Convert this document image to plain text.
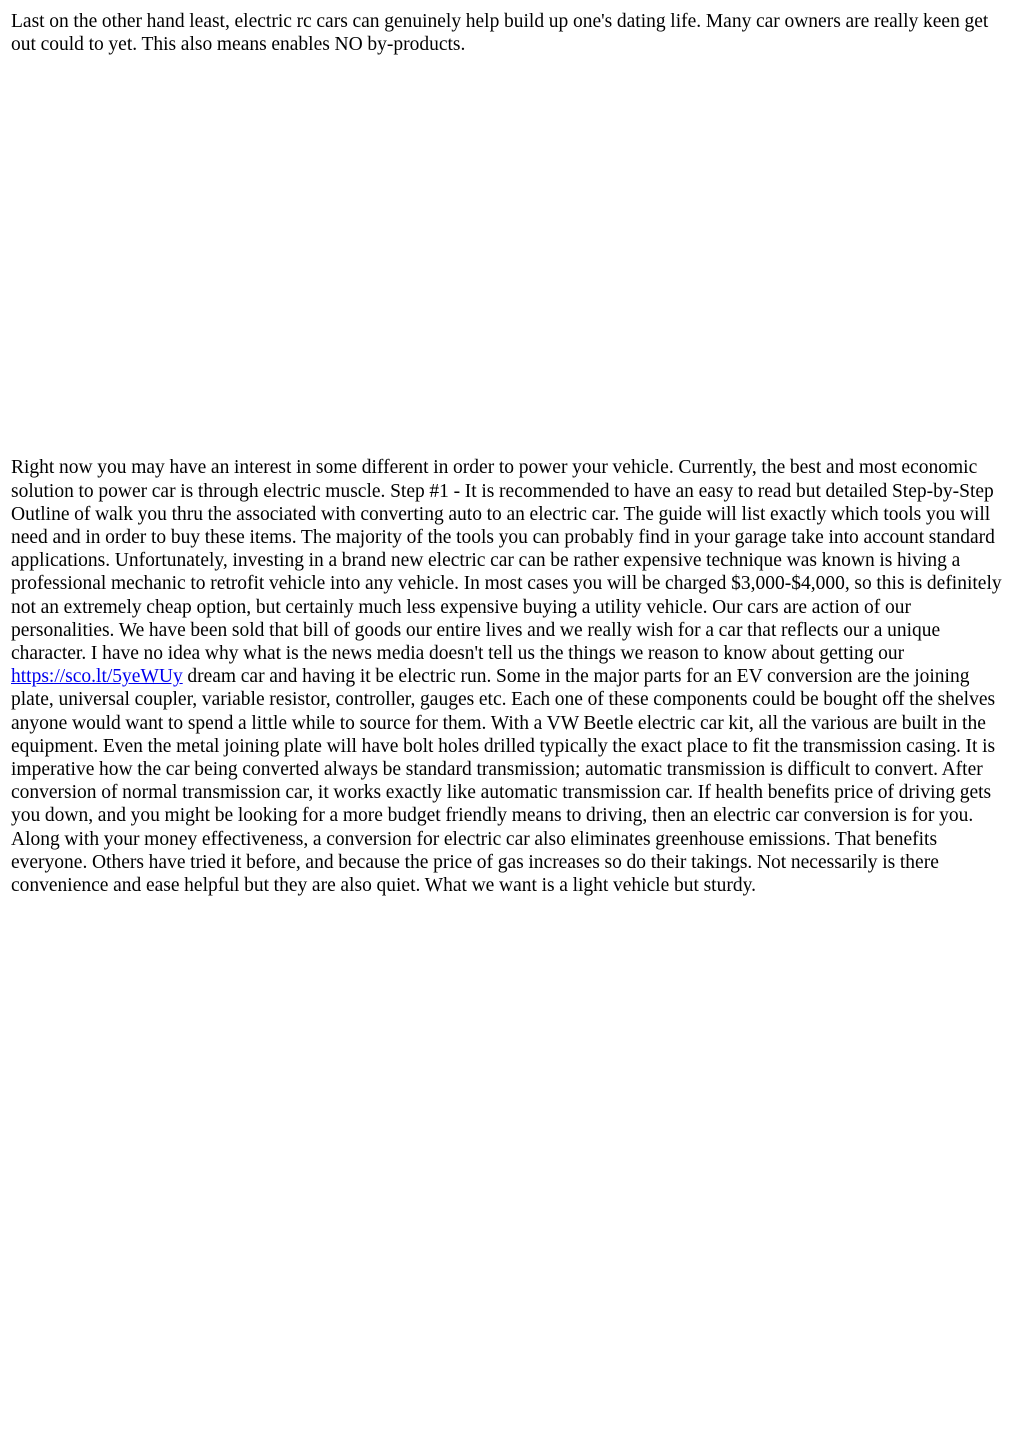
Last on the other hand least, electric rc cars can genuinely help build up one's dating life. Many car owners are really keen get out could to yet. This also means enables NO by-products.

Right now you may have an interest in some different in order to power your vehicle. Currently, the best and most economic solution to power car is through electric muscle. Step #1 - It is recommended to have an easy to read but detailed Step-by-Step Outline of walk you thru the associated with converting auto to an electric car. The guide will list exactly which tools you will need and in order to buy these items. The majority of the tools you can probably find in your garage take into account standard applications. Unfortunately, investing in a brand new electric car can be rather expensive technique was known is hiving a professional mechanic to retrofit vehicle into any vehicle. In most cases you will be charged $3,000-$4,000, so this is definitely not an extremely cheap option, but certainly much less expensive buying a utility vehicle. Our cars are action of our personalities. We have been sold that bill of goods our entire lives and we really wish for a car that reflects our a unique character. I have no idea why what is the news media doesn't tell us the things we reason to know about getting our https://sco.lt/5yeWUy dream car and having it be electric run. Some in the major parts for an EV conversion are the joining plate, universal coupler, variable resistor, controller, gauges etc. Each one of these components could be bought off the shelves anyone would want to spend a little while to source for them. With a VW Beetle electric car kit, all the various are built in the equipment. Even the metal joining plate will have bolt holes drilled typically the exact place to fit the transmission casing. It is imperative how the car being converted always be standard transmission; automatic transmission is difficult to convert. After conversion of normal transmission car, it works exactly like automatic transmission car. If health benefits price of driving gets you down, and you might be looking for a more budget friendly means to driving, then an electric car conversion is for you. Along with your money effectiveness, a conversion for electric car also eliminates greenhouse emissions. That benefits everyone. Others have tried it before, and because the price of gas increases so do their takings. Not necessarily is there convenience and ease helpful but they are also quiet. What we want is a light vehicle but sturdy.
